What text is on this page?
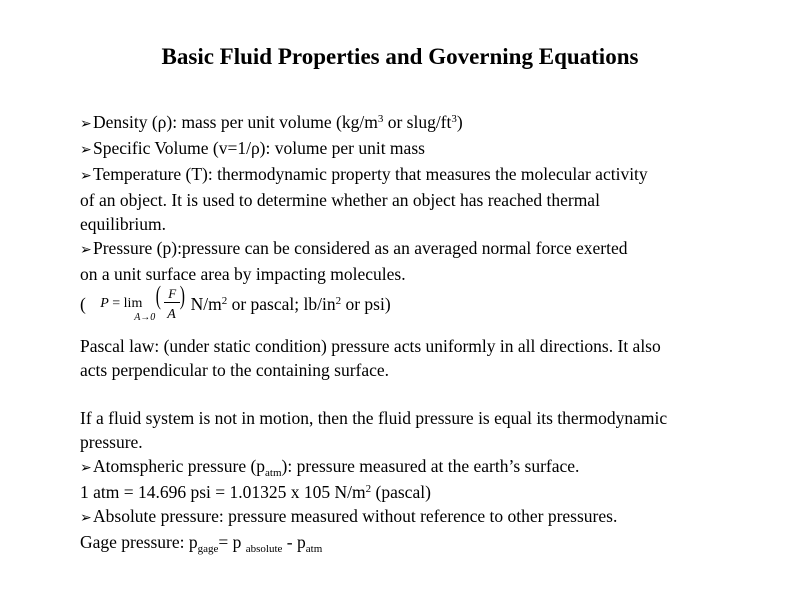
Basic Fluid Properties and Governing Equations
➢Density (ρ): mass per unit volume ($kg/m^3$ or slug/$ft^3$)
➢Specific Volume (v=1/ρ): volume per unit mass
➢Temperature (T): thermodynamic property that measures the molecular activity
of an object. It is used to determine whether an object has reached thermal
equilibrium.
➢Pressure (p):pressure can be considered as an averaged normal force exerted
on a unit surface area by impacting molecules.
( P = lim
A→0
( F
A
) $N/m^2$ or pascal; $lb/in^2$ or psi)
Pascal law: (under static condition) pressure acts uniformly in all directions. It also
acts perpendicular to the containing surface.
If a fluid system is not in motion, then the fluid pressure is equal its thermodynamic
pressure.
➢Atomspheric pressure $(p_{atm})$: pressure measured at the earth’s surface.
1 atm = 14.696 psi = 1.01325 x 105 $N/m^2$ (pascal)
➢Absolute pressure: pressure measured without reference to other pressures.
Gage pressure: $p_{gage}= p$ $_{absolute} - p_{atm}$
